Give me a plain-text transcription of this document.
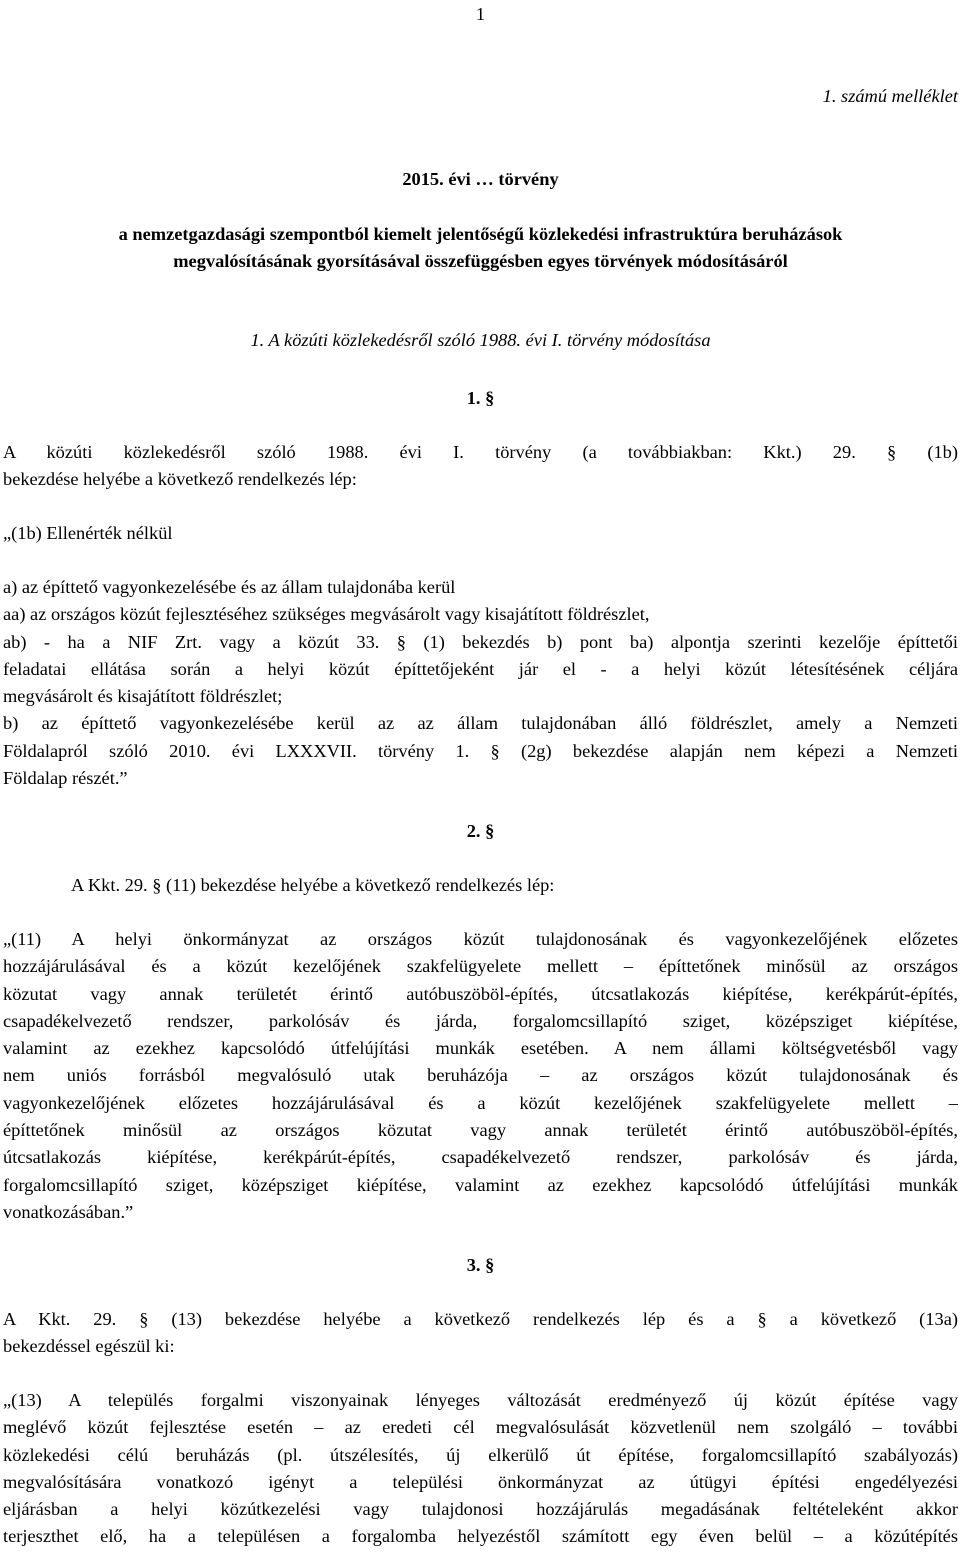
1
1. számú melléklet
2015. évi … törvény
a nemzetgazdasági szempontból kiemelt jelentőségű közlekedési infrastruktúra beruházások
megvalósításának gyorsításával összefüggésben egyes törvények módosításáról
1. A közúti közlekedésről szóló 1988. évi I. törvény módosítása
1. §
A közúti közlekedésről szóló 1988. évi I. törvény (a továbbiakban: Kkt.) 29. § (1b)
bekezdése helyébe a következő rendelkezés lép:
„(1b) Ellenérték nélkül
a) az építtető vagyonkezelésébe és az állam tulajdonába kerül
aa) az országos közút fejlesztéséhez szükséges megvásárolt vagy kisajátított földrészlet,
ab) - ha a NIF Zrt. vagy a közút 33. § (1) bekezdés b) pont ba) alpontja szerinti kezelője építtetői
feladatai ellátása során a helyi közút építtetőjeként jár el - a helyi közút létesítésének céljára
megvásárolt és kisajátított földrészlet;
b) az építtető vagyonkezelésébe kerül az az állam tulajdonában álló földrészlet, amely a Nemzeti
Földalapról szóló 2010. évi LXXXVII. törvény 1. § (2g) bekezdése alapján nem képezi a Nemzeti
Földalap részét.”
2. §
A Kkt. 29. § (11) bekezdése helyébe a következő rendelkezés lép:
„(11) A helyi önkormányzat az országos közút tulajdonosának és vagyonkezelőjének előzetes
hozzájárulásával és a közút kezelőjének szakfelügyelete mellett – építtetőnek minősül az országos
közutat vagy annak területét érintő autóbuszöböl-építés, útcsatlakozás kiépítése, kerékpárút-építés,
csapadékelvezető rendszer, parkolósáv és járda, forgalomcsillapító sziget, középsziget kiépítése,
valamint az ezekhez kapcsolódó útfelújítási munkák esetében. A nem állami költségvetésből vagy
nem uniós forrásból megvalósuló utak beruházója – az országos közút tulajdonosának és
vagyonkezelőjének előzetes hozzájárulásával és a közút kezelőjének szakfelügyelete mellett –
építtetőnek minősül az országos közutat vagy annak területét érintő autóbuszöböl-építés,
útcsatlakozás kiépítése, kerékpárút-építés, csapadékelvezető rendszer, parkolósáv és járda,
forgalomcsillapító sziget, középsziget kiépítése, valamint az ezekhez kapcsolódó útfelújítási munkák
vonatkozásában.”
3. §
A Kkt. 29. § (13) bekezdése helyébe a következő rendelkezés lép és a § a következő (13a)
bekezdéssel egészül ki:
„(13) A település forgalmi viszonyainak lényeges változását eredményező új közút építése vagy
meglévő közút fejlesztése esetén – az eredeti cél megvalósulását közvetlenül nem szolgáló – további
közlekedési célú beruházás (pl. útszélesítés, új elkerülő út építése, forgalomcsillapító szabályozás)
megvalósítására vonatkozó igényt a települési önkormányzat az útügyi építési engedélyezési
eljárásban a helyi közútkezelési vagy tulajdonosi hozzájárulás megadásának feltételeként akkor
terjeszthet elő, ha a településen a forgalomba helyezéstől számított egy éven belül – a közútépítés
